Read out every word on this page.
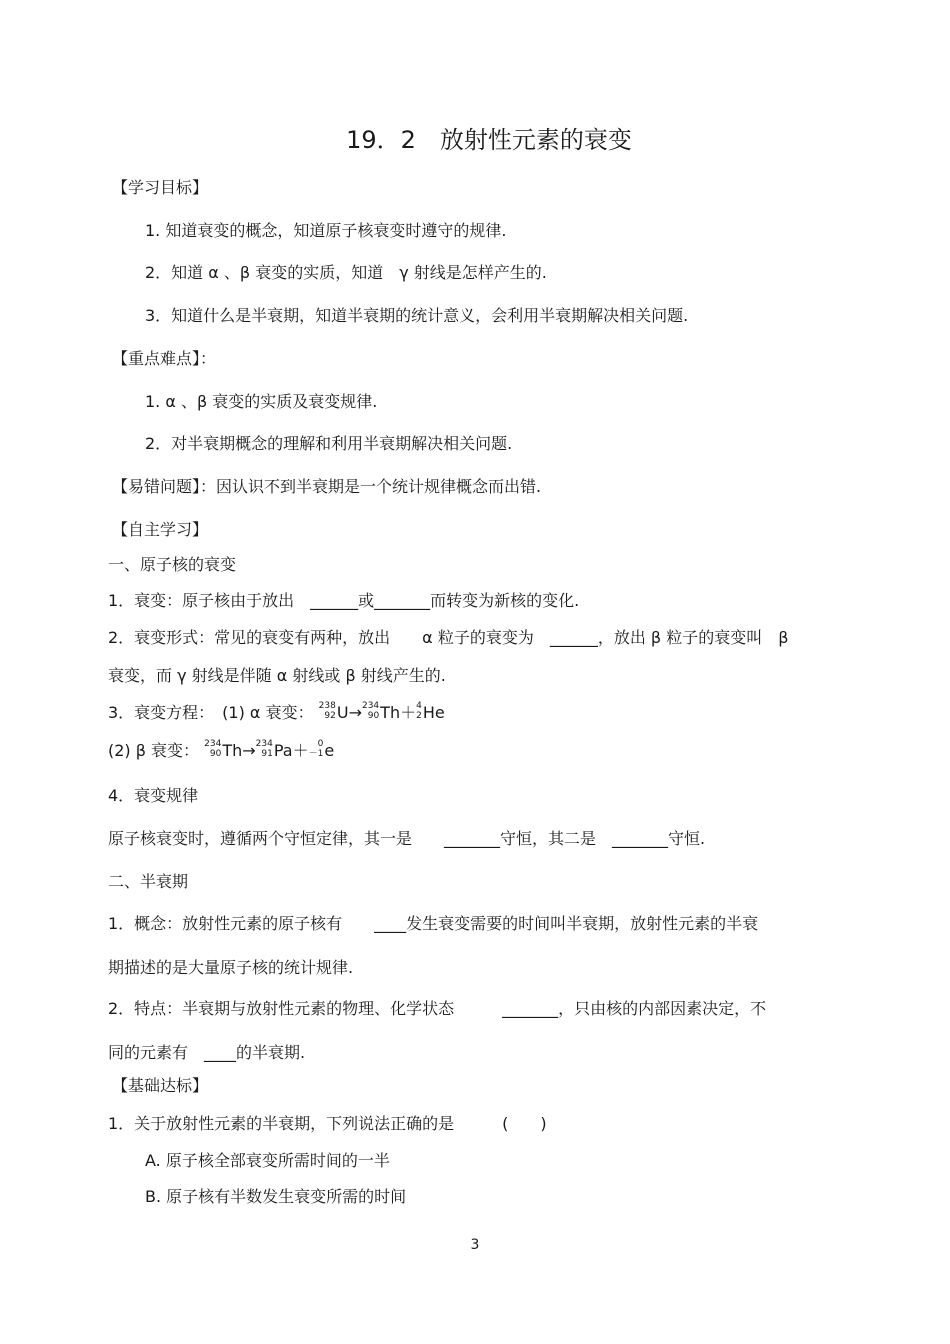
19．2　放射性元素的衰变
【学习目标】
1. 知道衰变的概念，知道原子核衰变时遵守的规律.
2．知道 α 、β 衰变的实质，知道　γ 射线是怎样产生的.
3．知道什么是半衰期，知道半衰期的统计意义，会利用半衰期解决相关问题.
【重点难点】：
1. α 、β 衰变的实质及衰变规律.
2．对半衰期概念的理解和利用半衰期解决相关问题.
【易错问题】：因认识不到半衰期是一个统计规律概念而出错.
【自主学习】
一、原子核的衰变
1．衰变：原子核由于放出　______或_______而转变为新核的变化.
2．衰变形式：常见的衰变有两种，放出　　α 粒子的衰变为　______，放出 β 粒子的衰变叫　β
衰变，而 γ 射线是伴随 α 射线或 β 射线产生的.
3．衰变方程：　(1) α 衰变： 238
92 U→ 234
90 Th＋ 4
2 He
(2) β 衰变： 234
90 Th→ 234
91 Pa＋	0
－1 e
4．衰变规律
原子核衰变时，遵循两个守恒定律，其一是　　_______守恒，其二是　_______守恒.
二、半衰期
1．概念：放射性元素的原子核有　　____发生衰变需要的时间叫半衰期，放射性元素的半衰
期描述的是大量原子核的统计规律.
2．特点：半衰期与放射性元素的物理、化学状态　　　_______，只由核的内部因素决定，不
同的元素有　____的半衰期.
【基础达标】
1．关于放射性元素的半衰期，下列说法正确的是　　　(　　)
A. 原子核全部衰变所需时间的一半
B. 原子核有半数发生衰变所需的时间
3
